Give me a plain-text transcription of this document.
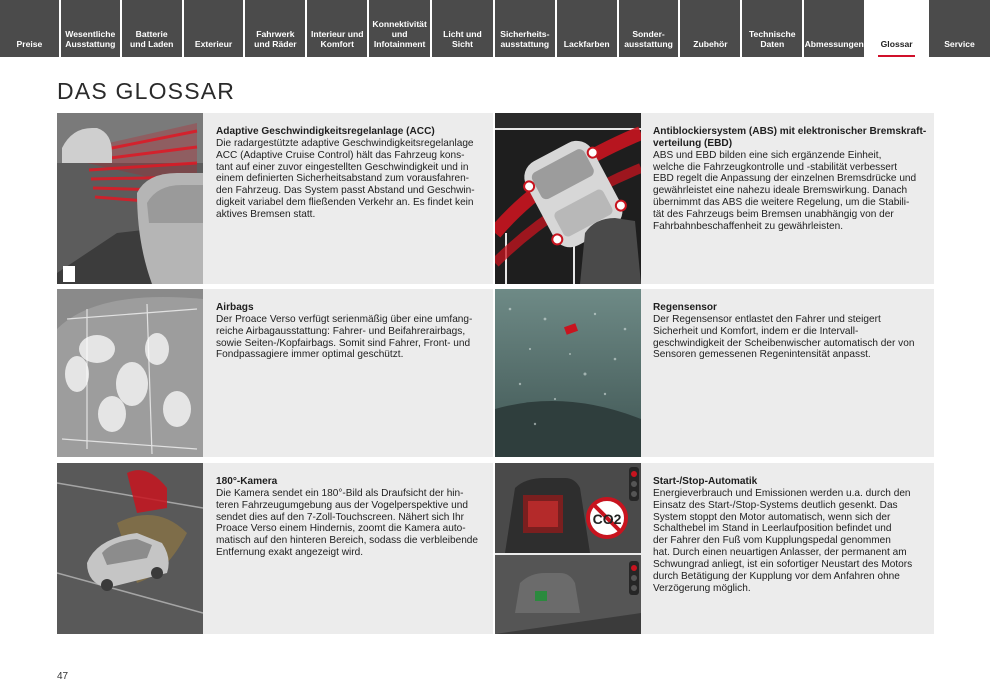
Preise
Wesentliche
Ausstattung
Batterie
und Laden	Exterieur
Fahrwerk
und Räder
Interieur und
Komfort
Konnektivität
und
Infotainment
Licht und Sicht
Sicherheits-
ausstattung Lackfarben
Sonder-
ausstattung Zubehör
Technische
Daten	Abmessungen Glossar	Service
DAS GLOSSAR
Adaptive Geschwindigkeitsregelanlage (ACC)
Die radargestützte adaptive Geschwindigkeitsregelanlage
ACC (Adaptive Cruise Control) hält das Fahrzeug kons-
tant auf einer zuvor eingestellten Geschwindigkeit und in
einem definierten Sicherheitsabstand zum vorausfahren-
den Fahrzeug. Das System passt Abstand und Geschwin-
digkeit variabel dem fließenden Verkehr an. Es findet kein
aktives Bremsen statt.
Antiblockiersystem (ABS) mit elektronischer Bremskraft-
verteilung (EBD)
ABS und EBD bilden eine sich ergänzende Einheit,
welche die Fahrzeugkontrolle und -stabilität verbessert
EBD regelt die Anpassung der einzelnen Bremsdrücke und
gewährleistet eine nahezu ideale Bremswirkung. Danach
übernimmt das ABS die weitere Regelung, um die Stabili-
tät des Fahrzeugs beim Bremsen unabhängig von der
Fahrbahnbeschaffenheit zu gewährleisten.
Airbags
Der Proace Verso verfügt serienmäßig über eine umfang-
reiche Airbagausstattung: Fahrer- und Beifahrerairbags,
sowie Seiten-/Kopfairbags. Somit sind Fahrer, Front- und
Fondpassagiere immer optimal geschützt.
Regensensor
Der Regensensor entlastet den Fahrer und steigert
Sicherheit und Komfort, indem er die Intervall-
geschwindigkeit der Scheibenwischer automatisch der von
Sensoren gemessenen Regenintensität anpasst.
180°-Kamera
Die Kamera sendet ein 180°-Bild als Draufsicht der hin-
teren Fahrzeugumgebung aus der Vogelperspektive und
sendet dies auf den 7-Zoll-Touchscreen. Nähert sich Ihr
Proace Verso einem Hindernis, zoomt die Kamera auto-
matisch auf den hinteren Bereich, sodass die verbleibende
Entfernung exakt angezeigt wird.
CO2
Start-/Stop-Automatik
Energieverbrauch und Emissionen werden u.a. durch den
Einsatz des Start-/Stop-Systems deutlich gesenkt. Das
System stoppt den Motor automatisch, wenn sich der
Schalthebel im Stand in Leerlaufposition befindet und
der Fahrer den Fuß vom Kupplungspedal genommen
hat. Durch einen neuartigen Anlasser, der permanent am
Schwungrad anliegt, ist ein sofortiger Neustart des Motors
durch Betätigung der Kupplung vor dem Anfahren ohne
Verzögerung möglich.
47
